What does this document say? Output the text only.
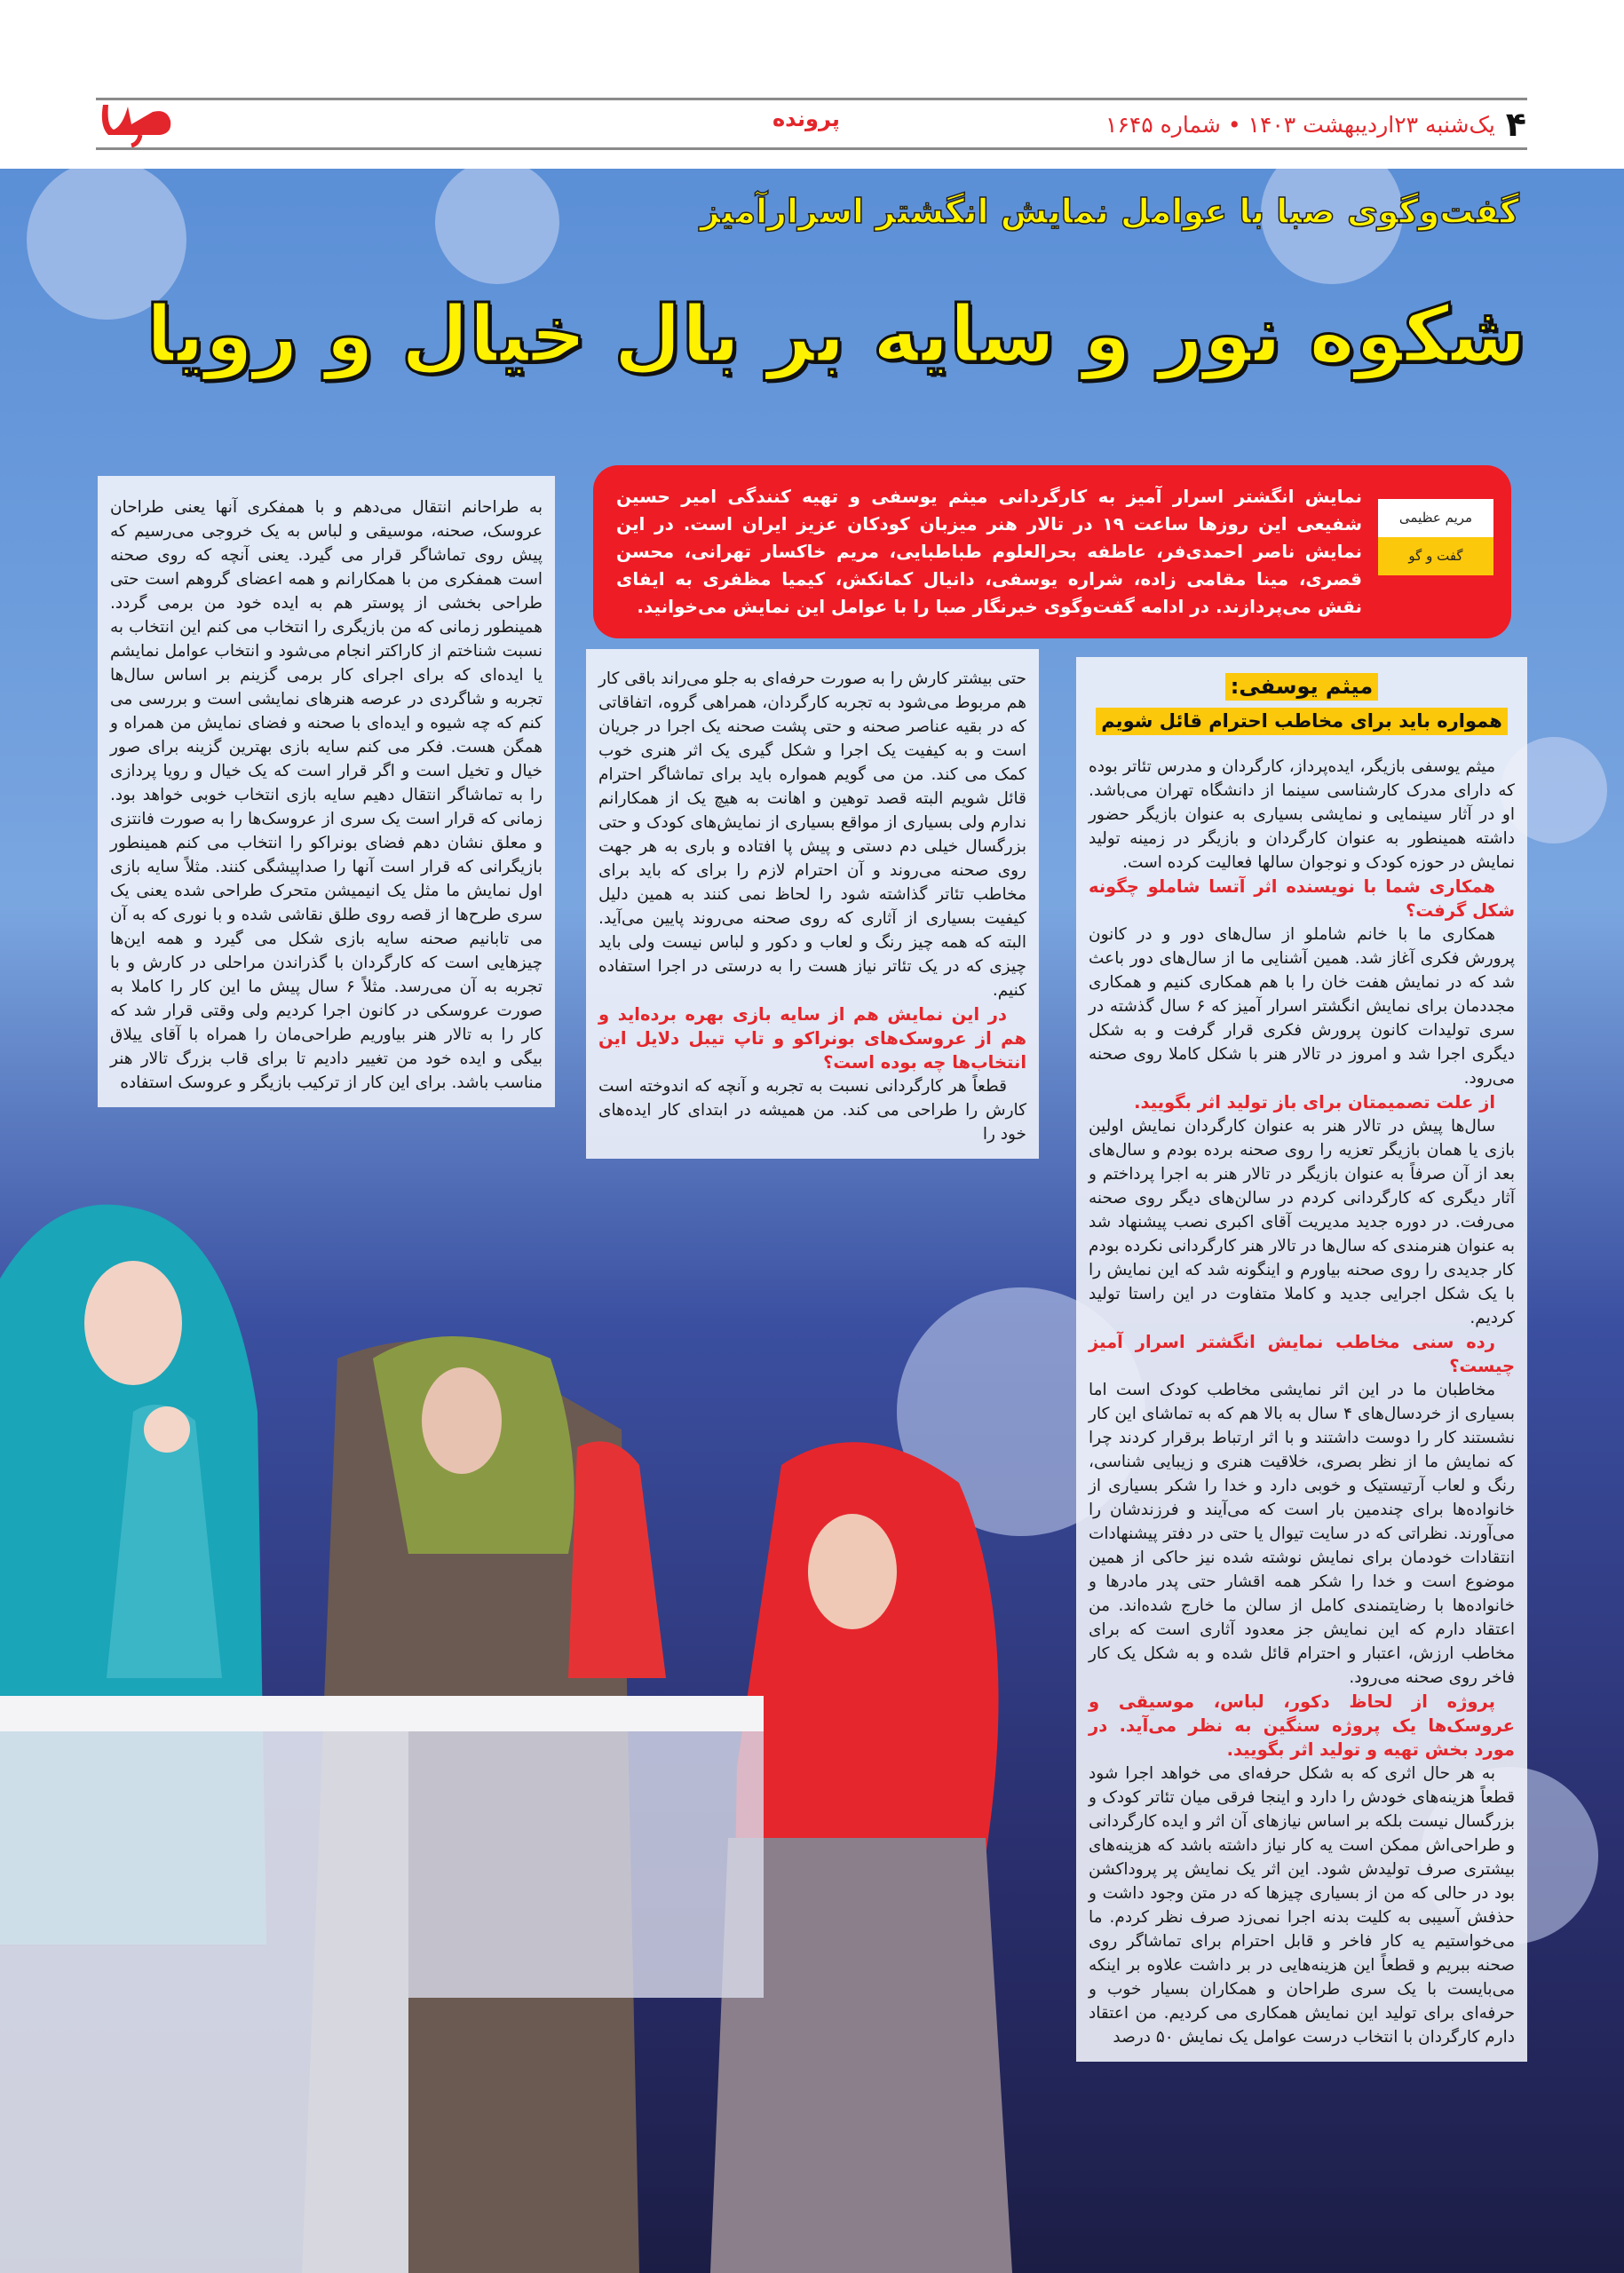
۴
یک‌شنبه ۲۳اردیبهشت ۱۴۰۳ • شماره ۱۶۴۵
پرونده
گفت‌وگوی صبا با عوامل نمایش انگشتر اسرارآمیز
شکوه نور و سایه بر بال خیال و رویا
مریم عظیمی
گفت و گو

نمایش انگشتر اسرار آمیز به کارگردانی میثم یوسفی و تهیه کنندگی امیر حسین شفیعی این روزها ساعت ۱۹ در تالار هنر میزبان کودکان عزیز ایران است. در این نمایش ناصر احمدی‌فر، عاطفه بحرالعلوم طباطبایی، مریم خاکسار تهرانی، محسن قصری، مینا مقامی زاده، شراره یوسفی، دانیال کمانکش، کیمیا مظفری به ایفای نقش می‌پردازند. در ادامه گفت‌وگوی خبرنگار صبا را با عوامل این نمایش می‌خوانید.

میثم یوسفی:
همواره باید برای مخاطب احترام قائل شویم

میثم یوسفی بازیگر، ایده‌پرداز، کارگردان و مدرس تئاتر بوده که دارای مدرک کارشناسی سینما از دانشگاه تهران می‌باشد. او در آثار سینمایی و نمایشی بسیاری به عنوان بازیگر حضور داشته همینطور به عنوان کارگردان و بازیگر در زمینه تولید نمایش در حوزه کودک و نوجوان سالها فعالیت کرده است.

همکاری شما با نویسنده اثر آتسا شاملو چگونه شکل گرفت؟

همکاری ما با خانم شاملو از سال‌های دور و در کانون پرورش فکری آغاز شد. همین آشنایی ما از سال‌های دور باعث شد که در نمایش هفت خان را با هم همکاری کنیم و همکاری مجددمان برای نمایش انگشتر اسرار آمیز که ۶ سال گذشته در سری تولیدات کانون پرورش فکری قرار گرفت و به شکل دیگری اجرا شد و امروز در تالار هنر با شکل کاملا روی صحنه می‌رود.

از علت تصمیمتان برای باز تولید اثر بگویید.

سال‌ها پیش در تالار هنر به عنوان کارگردان نمایش اولین بازی یا همان بازیگر تعزیه را روی صحنه برده بودم و سال‌های بعد از آن صرفاً به عنوان بازیگر در تالار هنر به اجرا پرداختم و آثار دیگری که کارگردانی کردم در سالن‌های دیگر روی صحنه می‌رفت. در دوره جدید مدیریت آقای اکبری نصب پیشنهاد شد به عنوان هنرمندی که سال‌ها در تالار هنر کارگردانی نکرده بودم کار جدیدی را روی صحنه بیاورم و اینگونه شد که این نمایش را با یک شکل اجرایی جدید و کاملا متفاوت در این راستا تولید کردیم.

رده سنی مخاطب نمایش انگشتر اسرار آمیز چیست؟

مخاطبان ما در این اثر نمایشی مخاطب کودک است اما بسیاری از خردسال‌های ۴ سال به بالا هم که به تماشای این کار نشستند کار را دوست داشتند و با اثر ارتباط برقرار کردند چرا که نمایش ما از نظر بصری، خلاقیت هنری و زیبایی شناسی، رنگ و لعاب آرتیستیک و خوبی دارد و خدا را شکر بسیاری از خانواده‌ها برای چندمین بار است که می‌آیند و فرزندشان را می‌آورند. نظراتی که در سایت تیوال یا حتی در دفتر پیشنهادات انتقادات خودمان برای نمایش نوشته شده نیز حاکی از همین موضوع است و خدا را شکر همه اقشار حتی پدر مادرها و خانواده‌ها با رضایتمندی کامل از سالن ما خارج شده‌اند. من اعتقاد دارم که این نمایش جز معدود آثاری است که برای مخاطب ارزش، اعتبار و احترام قائل شده و به شکل یک کار فاخر روی صحنه می‌رود.

پروژه از لحاظ دکور، لباس، موسیقی و عروسک‌ها یک پروژه سنگین به نظر می‌آید. در مورد بخش تهیه و تولید اثر بگویید.

به هر حال اثری که به شکل حرفه‌ای می خواهد اجرا شود قطعاً هزینه‌های خودش را دارد و اینجا فرقی میان تئاتر کودک و بزرگسال نیست بلکه بر اساس نیازهای آن اثر و ایده کارگردانی و طراحی‌اش ممکن است یه کار نیاز داشته باشد که هزینه‌های بیشتری صرف تولیدش شود. این اثر یک نمایش پر پروداکشن بود در حالی که من از بسیاری چیزها که در متن وجود داشت و حذفش آسیبی به کلیت بدنه اجرا نمی‌زد صرف نظر کردم. ما می‌خواستیم یه کار فاخر و قابل احترام برای تماشاگر روی صحنه ببریم و قطعاً این هزینه‌هایی در بر داشت علاوه بر اینکه می‌بایست با یک سری طراحان و همکاران بسیار خوب و حرفه‌ای برای تولید این نمایش همکاری می کردیم. من اعتقاد دارم کارگردان با انتخاب درست عوامل یک نمایش ۵۰ درصد

حتی بیشتر کارش را به صورت حرفه‌ای به جلو می‌راند باقی کار هم مربوط می‌شود به تجربه کارگردان، همراهی گروه، اتفاقاتی که در بقیه عناصر صحنه و حتی پشت صحنه یک اجرا در جریان است و به کیفیت یک اجرا و شکل گیری یک اثر هنری خوب کمک می کند. من می گویم همواره باید برای تماشاگر احترام قائل شویم البته قصد توهین و اهانت به هیچ یک از همکارانم ندارم ولی بسیاری از مواقع بسیاری از نمایش‌های کودک و حتی بزرگسال خیلی دم دستی و پیش پا افتاده و باری به هر جهت روی صحنه می‌روند و آن احترام لازم را برای که باید برای مخاطب تئاتر گذاشته شود را لحاظ نمی کنند به همین دلیل کیفیت بسیاری از آثاری که روی صحنه می‌روند پایین می‌آید. البته که همه چیز رنگ و لعاب و دکور و لباس نیست ولی باید چیزی که در یک تئاتر نیاز هست را به درستی در اجرا استفاده کنیم.

در این نمایش هم از سایه بازی بهره برده‌اید و هم از عروسک‌های بونراکو و تاپ تیبل دلایل این انتخاب‌ها چه بوده است؟

قطعاً هر کارگردانی نسبت به تجربه و آنچه که اندوخته است کارش را طراحی می کند. من همیشه در ابتدای کار ایده‌های خود را

به طراحانم انتقال می‌دهم و با همفکری آنها یعنی طراحان عروسک، صحنه، موسیقی و لباس به یک خروجی می‌رسیم که پیش روی تماشاگر قرار می گیرد. یعنی آنچه که روی صحنه است همفکری من با همکارانم و همه اعضای گروهم است حتی طراحی بخشی از پوستر هم به ایده خود من برمی گردد. همینطور زمانی که من بازیگری را انتخاب می کنم این انتخاب به نسبت شناختم از کاراکتر انجام می‌شود و انتخاب عوامل نمایشم یا ایده‌ای که برای اجرای کار برمی گزینم بر اساس سال‌ها تجربه و شاگردی در عرصه هنرهای نمایشی است و بررسی می کنم که چه شیوه و ایده‌ای با صحنه و فضای نمایش من همراه و همگن هست. فکر می کنم سایه بازی بهترین گزینه برای صور خیال و تخیل است و اگر قرار است که یک خیال و رویا پردازی را به تماشاگر انتقال دهیم سایه بازی انتخاب خوبی خواهد بود. زمانی که قرار است یک سری از عروسک‌ها را به صورت فانتزی و معلق نشان دهم فضای بونراکو را انتخاب می کنم همینطور بازیگرانی که قرار است آنها را صداپیشگی کنند. مثلاً سایه بازی اول نمایش ما مثل یک انیمیشن متحرک طراحی شده یعنی یک سری طرح‌ها از قصه روی طلق نقاشی شده و با نوری که به آن می تابانیم صحنه سایه بازی شکل می گیرد و همه این‌ها چیزهایی است که کارگردان با گذراندن مراحلی در کارش و با تجربه به آن می‌رسد. مثلاً ۶ سال پیش ما این کار را کاملا به صورت عروسکی در کانون اجرا کردیم ولی وقتی قرار شد که کار را به تالار هنر بیاوریم طراحی‌مان را همراه با آقای ییلاق بیگی و ایده خود من تغییر دادیم تا برای قاب بزرگ تالار هنر مناسب باشد. برای این کار از ترکیب بازیگر و عروسک استفاده
